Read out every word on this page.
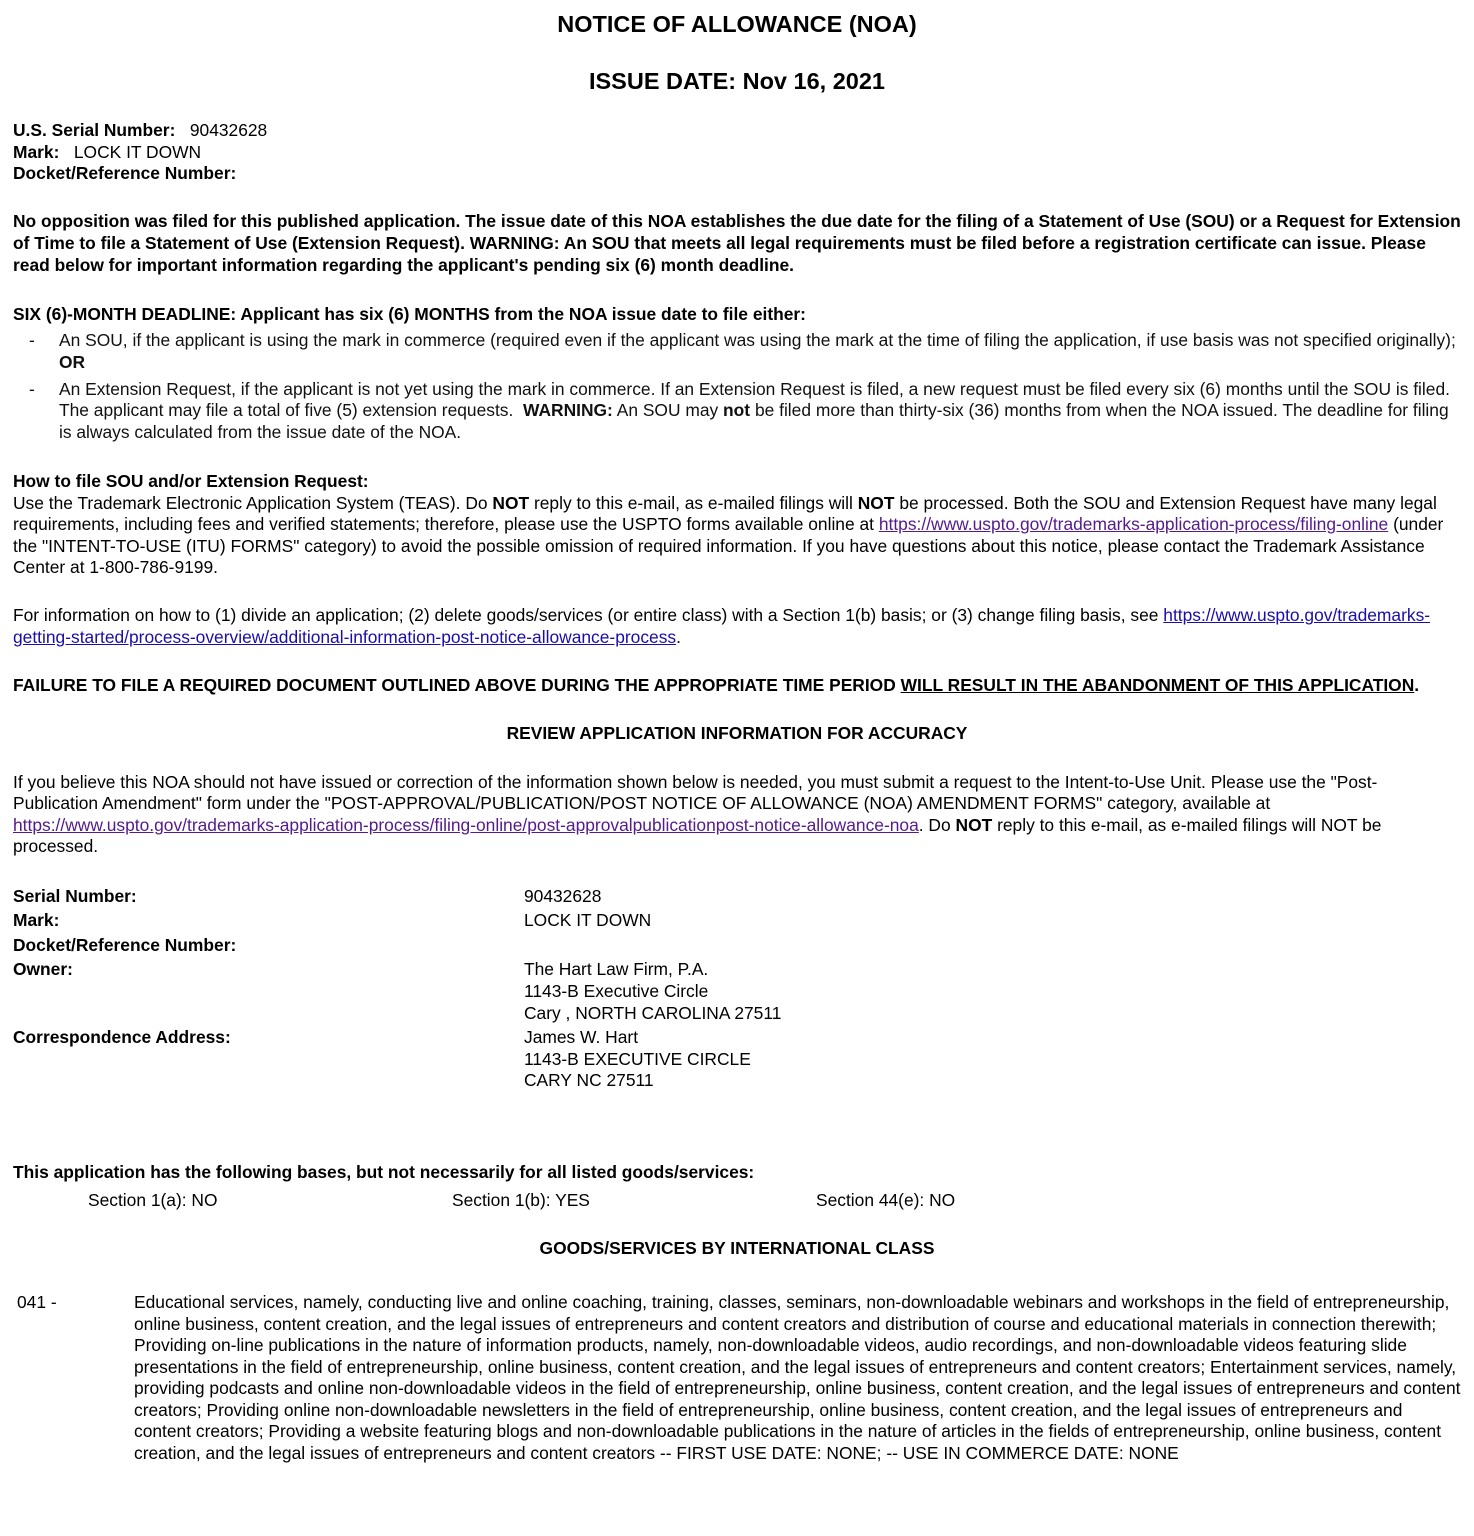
NOTICE OF ALLOWANCE (NOA)
ISSUE DATE: Nov 16, 2021
U.S. Serial Number: 90432628
Mark: LOCK IT DOWN
Docket/Reference Number:

No opposition was filed for this published application. The issue date of this NOA establishes the due date for the filing of a Statement of Use (SOU) or a Request for Extension of Time to file a Statement of Use (Extension Request). WARNING: An SOU that meets all legal requirements must be filed before a registration certificate can issue. Please read below for important information regarding the applicant's pending six (6) month deadline.

SIX (6)-MONTH DEADLINE: Applicant has six (6) MONTHS from the NOA issue date to file either:

- An SOU, if the applicant is using the mark in commerce (required even if the applicant was using the mark at the time of filing the application, if use basis was not specified originally);  OR
- An Extension Request, if the applicant is not yet using the mark in commerce. If an Extension Request is filed, a new request must be filed every six (6) months until the SOU is filed. The applicant may file a total of five (5) extension requests. WARNING: An SOU may not be filed more than thirty-six (36) months from when the NOA issued. The deadline for filing is always calculated from the issue date of the NOA.

How to file SOU and/or Extension Request:

Use the Trademark Electronic Application System (TEAS). Do NOT reply to this e-mail, as e-mailed filings will NOT be processed. Both the SOU and Extension Request have many legal requirements, including fees and verified statements; therefore, please use the USPTO forms available online at https://www.uspto.gov/trademarks-application-process/filing-online (under the "INTENT-TO-USE (ITU) FORMS" category) to avoid the possible omission of required information. If you have questions about this notice, please contact the Trademark Assistance Center at 1-800-786-9199.

For information on how to (1) divide an application; (2) delete goods/services (or entire class) with a Section 1(b) basis; or (3) change filing basis, see https://www.uspto.gov/trademarks-getting-started/process-overview/additional-information-post-notice-allowance-process.

FAILURE TO FILE A REQUIRED DOCUMENT OUTLINED ABOVE DURING THE APPROPRIATE TIME PERIOD WILL RESULT IN THE ABANDONMENT OF THIS APPLICATION.

REVIEW APPLICATION INFORMATION FOR ACCURACY

If you believe this NOA should not have issued or correction of the information shown below is needed, you must submit a request to the Intent-to-Use Unit. Please use the "Post-Publication Amendment" form under the "POST-APPROVAL/PUBLICATION/POST NOTICE OF ALLOWANCE (NOA) AMENDMENT FORMS" category, available at https://www.uspto.gov/trademarks-application-process/filing-online/post-approvalpublicationpost-notice-allowance-noa. Do NOT reply to this e-mail, as e-mailed filings will NOT be processed.

Serial Number:	90432628
Mark:	LOCK IT DOWN
Docket/Reference Number:
Owner:	The Hart Law Firm, P.A.
1143-B Executive Circle
Cary , NORTH CAROLINA 27511
Correspondence Address:	James W. Hart
1143-B EXECUTIVE CIRCLE
CARY NC 27511

This application has the following bases, but not necessarily for all listed goods/services:

Section 1(a): NO	Section 1(b): YES	Section 44(e): NO
GOODS/SERVICES BY INTERNATIONAL CLASS
041 -	Educational services, namely, conducting live and online coaching, training, classes, seminars, non-downloadable webinars and workshops in the field of entrepreneurship, online business, content creation, and the legal issues of entrepreneurs and content creators and distribution of course and educational materials in connection therewith; Providing on-line publications in the nature of information products, namely, non-downloadable videos, audio recordings, and non-downloadable videos featuring slide presentations in the field of entrepreneurship, online business, content creation, and the legal issues of entrepreneurs and content creators; Entertainment services, namely, providing podcasts and online non-downloadable videos in the field of entrepreneurship, online business, content creation, and the legal issues of entrepreneurs and content creators; Providing online non-downloadable newsletters in the field of entrepreneurship, online business, content creation, and the legal issues of entrepreneurs and content creators; Providing a website featuring blogs and non-downloadable publications in the nature of articles in the fields of entrepreneurship, online business, content creation, and the legal issues of entrepreneurs and content creators -- FIRST USE DATE: NONE; -- USE IN COMMERCE DATE: NONE
